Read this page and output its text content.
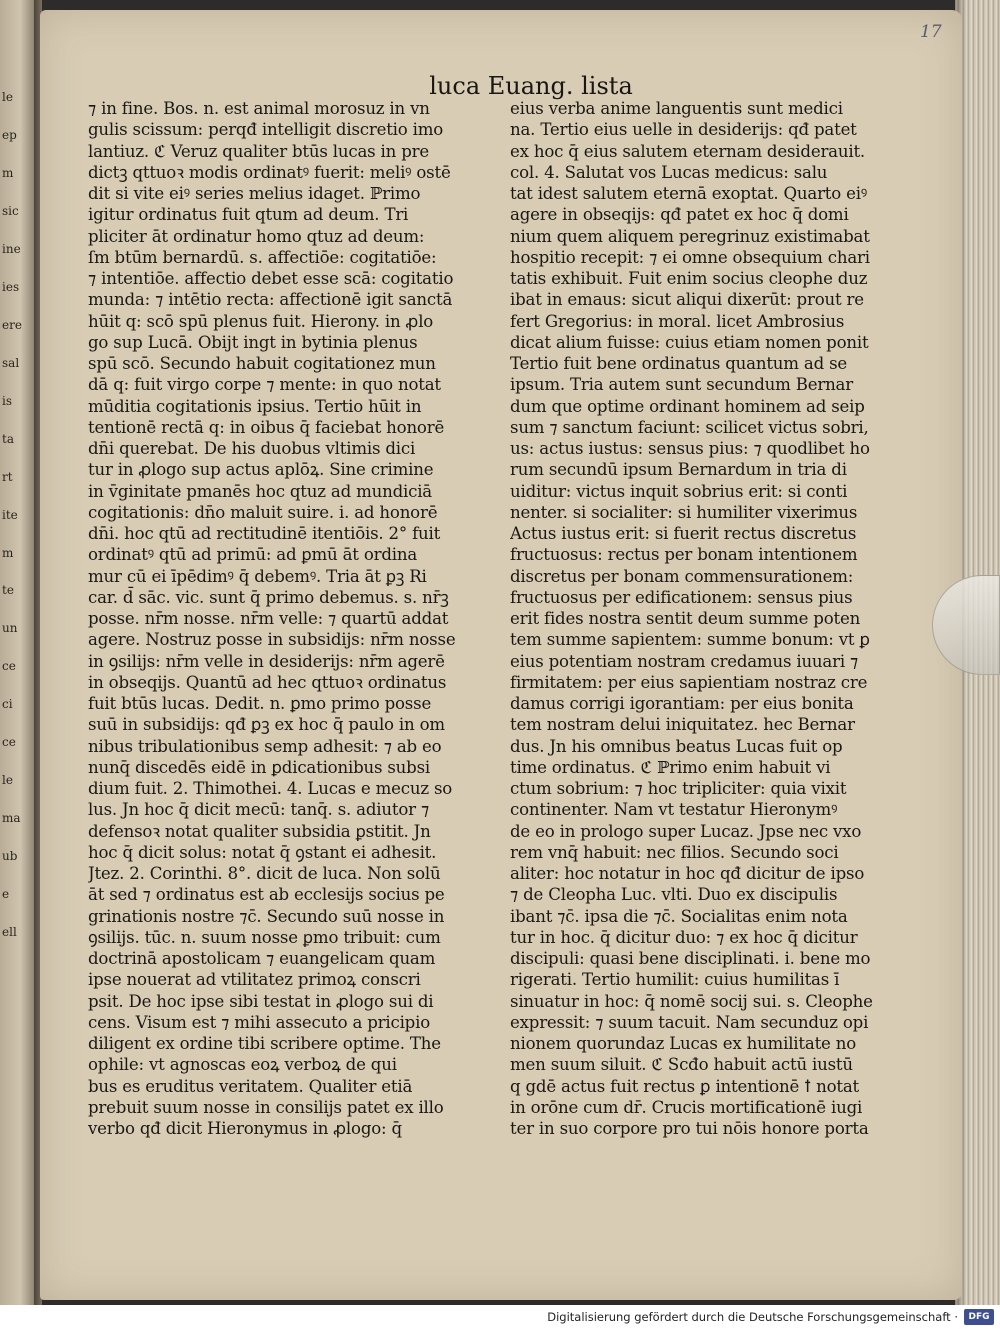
le
ep
m
sic
ine
ies
ere
sal
is
ta
rt
ite
m
te
un
ce
ci
ce
le
ma
ub
e
ell
luca Euang. lista
⁊ in fine. Bos. n. est animal morosuz in vn
gulis scissum: perqđ intelligit discretio imo
lantiuz. ℭ Veruz qualiter btūs lucas in pre
dictꝫ qttuoꝛ modis ordinatꝰ fuerit: meliꝰ ostē
dit si vite eiꝰ series melius idaget. ℙrimo
igitur ordinatus fuit qtum ad deum. Tri
pliciter āt ordinatur homo qtuz ad deum:
ſm btūm bernardū. s. affectiōe: cogitatiōe:
⁊ intentiōe. affectio debet esse scā: cogitatio
munda: ⁊ intētio recta: affectionē igit sanctā
hūit q: scō spū plenus fuit. Hierony. in ꝓlo
go sup Lucā. Obijt ingt in bytinia plenus
spū scō. Secundo habuit cogitationez mun
dā q: fuit virgo corpe ⁊ mente: in quo notat
mūditia cogitationis ipsius. Tertio hūit in
tentionē rectā q: in oibus q̄ faciebat honorē
dn̄i querebat. De his duobus vltimis dici
tur in ꝓlogo sup actus aplōꝝ. Sine crimine
in v̄ginitate pmanēs hoc qtuz ad mundiciā
cogitationis: dn̄o maluit suire. i. ad honorē
dn̄i. hoc qtū ad rectitudinē itentiōis. 2° fuit
ordinatꝰ qtū ad primū: ad ꝑmū āt ordina
mur cū ei īpēdimꝰ q̄ debemꝰ. Tria āt ꝑꝫ Ri
car. d̄ sāc. vic. sunt q̄ primo debemus. s. nr̄ꝫ
posse. nr̄m nosse. nr̄m velle: ⁊ quartū addat
agere. Nostruz posse in subsidijs: nr̄m nosse
in ꝯsilijs: nr̄m velle in desiderijs: nr̄m agerē
in obseqijs. Quantū ad hec qttuoꝛ ordinatus
fuit btūs lucas. Dedit. n. ꝑmo primo posse
suū in subsidijs: qđ ꝑꝫ ex hoc q̄ paulo in om
nibus tribulationibus semp adhesit: ⁊ ab eo
nunq̄ discedēs eidē in ꝑdicationibus subsi
dium fuit. 2. Thimothei. 4. Lucas e mecuz so
lus. Jn hoc q̄ dicit mecū: tanq̄. s. adiutor ⁊
defensoꝛ notat qualiter subsidia ꝑstitit. Jn
hoc q̄ dicit solus: notat q̄ ꝯstant ei adhesit.
Jtez. 2. Corinthi. 8°. dicit de luca. Non solū
āt sed ⁊ ordinatus est ab ecclesijs socius pe
grinationis nostre ⁊c̄. Secundo suū nosse in
ꝯsilijs. tūc. n. suum nosse ꝑmo tribuit: cum
doctrinā apostolicam ⁊ euangelicam quam
ipse nouerat ad vtilitatez primoꝝ conscri
psit. De hoc ipse sibi testat in ꝓlogo sui di
cens. Visum est ⁊ mihi assecuto a pricipio
diligent ex ordine tibi scribere optime. The
ophile: vt agnoscas eoꝝ verboꝝ de qui
bus es eruditus veritatem. Qualiter etiā
prebuit suum nosse in consilijs patet ex illo
verbo qđ dicit Hieronymus in ꝓlogo: q̄
eius verba anime languentis sunt medici
na. Tertio eius uelle in desiderijs: qđ patet
ex hoc q̄ eius salutem eternam desiderauit.
col. 4. Salutat vos Lucas medicus: salu
tat idest salutem eternā exoptat. Quarto eiꝰ
agere in obseqijs: qđ patet ex hoc q̄ domi
nium quem aliquem peregrinuz existimabat
hospitio recepit: ⁊ ei omne obsequium chari
tatis exhibuit. Fuit enim socius cleophe duz
ibat in emaus: sicut aliqui dixerūt: prout re
fert Gregorius: in moral. licet Ambrosius
dicat alium fuisse: cuius etiam nomen ponit
Tertio fuit bene ordinatus quantum ad se
ipsum. Tria autem sunt secundum Bernar
dum que optime ordinant hominem ad seip
sum ⁊ sanctum faciunt: scilicet victus sobri,
us: actus iustus: sensus pius: ⁊ quodlibet ho
rum secundū ipsum Bernardum in tria di
uiditur: victus inquit sobrius erit: si conti
nenter. si socialiter: si humiliter vixerimus
Actus iustus erit: si fuerit rectus discretus
fructuosus: rectus per bonam intentionem
discretus per bonam commensurationem:
fructuosus per edificationem: sensus pius
erit fides nostra sentit deum summe poten
tem summe sapientem: summe bonum: vt ꝑ
eius potentiam nostram credamus iuuari ⁊
firmitatem: per eius sapientiam nostraz cre
damus corrigi igorantiam: per eius bonita
tem nostram delui iniquitatez. hec Bernar
dus. Jn his omnibus beatus Lucas fuit op
time ordinatus. ℭ ℙrimo enim habuit vi
ctum sobrium: ⁊ hoc tripliciter: quia vixit
continenter. Nam vt testatur Hieronymꝰ
de eo in prologo super Lucaz. Jpse nec vxo
rem vnq̄ habuit: nec filios. Secundo soci
aliter: hoc notatur in hoc qđ dicitur de ipso
⁊ de Cleopha Luc. vlti. Duo ex discipulis
ibant ⁊c̄. ipsa die ⁊c̄. Socialitas enim nota
tur in hoc. q̄ dicitur duo: ⁊ ex hoc q̄ dicitur
discipuli: quasi bene disciplinati. i. bene mo
rigerati. Tertio humilit: cuius humilitas ī
sinuatur in hoc: q̄ nomē socij sui. s. Cleophe
expressit: ⁊ suum tacuit. Nam secunduz opi
nionem quorundaz Lucas ex humilitate no
men suum siluit. ℭ Scđo habuit actū iustū
q gdē actus fuit rectus ꝑ intentionē ꝉ notat
in orōne cum dr̄. Crucis mortificationē iugi
ter in suo corpore pro tui nōis honore porta
17
Digitalisierung gefördert durch die Deutsche Forschungsgemeinschaft ·	DFG
